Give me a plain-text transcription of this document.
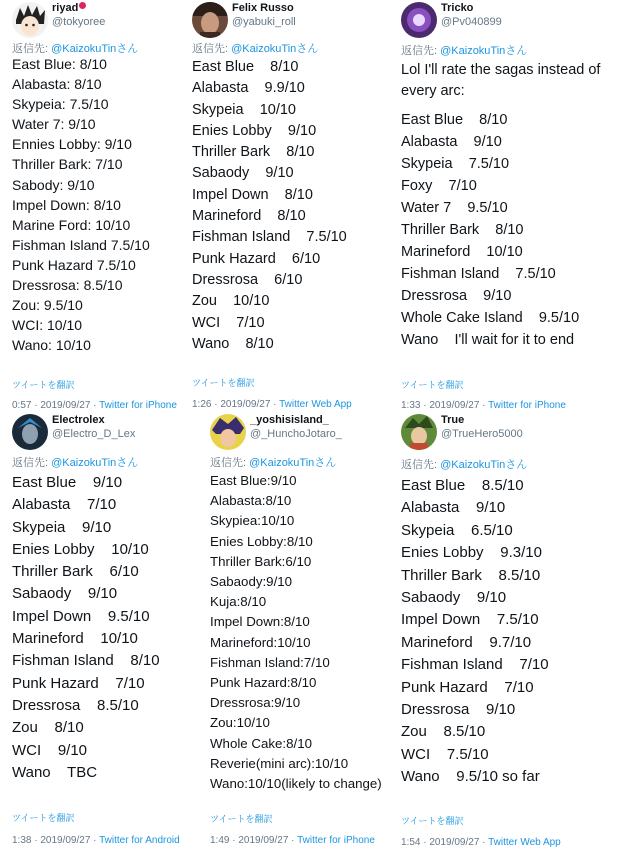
riyad
@tokyoree
返信先: @KaizokuTinさん
East Blue: 8/10
Alabasta: 8/10
Skypeia: 7.5/10
Water 7: 9/10
Ennies Lobby: 9/10
Thriller Bark: 7/10
Sabody: 9/10
Impel Down: 8/10
Marine Ford: 10/10
Fishman Island 7.5/10
Punk Hazard 7.5/10
Dressrosa: 8.5/10
Zou: 9.5/10
WCI: 10/10
Wano: 10/10
ツイートを翻訳
0:57 · 2019/09/27 · Twitter for iPhone
Felix Russo
@yabuki_roll
返信先: @KaizokuTinさん
East Blue    8/10
Alabasta    9.9/10
Skypeia    10/10
Enies Lobby    9/10
Thriller Bark    8/10
Sabaody    9/10
Impel Down    8/10
Marineford    8/10
Fishman Island    7.5/10
Punk Hazard    6/10
Dressrosa    6/10
Zou    10/10
WCI    7/10
Wano    8/10
ツイートを翻訳
1:26 · 2019/09/27 · Twitter Web App
Tricko
@Pv040899
返信先: @KaizokuTinさん
Lol I'll rate the sagas instead of every arc:
East Blue    8/10
Alabasta    9/10
Skypeia    7.5/10
Foxy    7/10
Water 7    9.5/10
Thriller Bark    8/10
Marineford    10/10
Fishman Island    7.5/10
Dressrosa    9/10
Whole Cake Island    9.5/10
Wano    I'll wait for it to end
ツイートを翻訳
1:33 · 2019/09/27 · Twitter for iPhone
Electrolex
@Electro_D_Lex
返信先: @KaizokuTinさん
East Blue    9/10
Alabasta    7/10
Skypeia    9/10
Enies Lobby    10/10
Thriller Bark    6/10
Sabaody    9/10
Impel Down    9.5/10
Marineford    10/10
Fishman Island    8/10
Punk Hazard    7/10
Dressrosa    8.5/10
Zou    8/10
WCI    9/10
Wano    TBC
ツイートを翻訳
1:38 · 2019/09/27 · Twitter for Android
_yoshisisland_
@_HunchoJotaro_
返信先: @KaizokuTinさん
East Blue:9/10
Alabasta:8/10
Skypiea:10/10
Enies Lobby:8/10
Thriller Bark:6/10
Sabaody:9/10
Kuja:8/10
Impel Down:8/10
Marineford:10/10
Fishman Island:7/10
Punk Hazard:8/10
Dressrosa:9/10
Zou:10/10
Whole Cake:8/10
Reverie(mini arc):10/10
Wano:10/10(likely to change)
ツイートを翻訳
1:49 · 2019/09/27 · Twitter for iPhone
True
@TrueHero5000
返信先: @KaizokuTinさん
East Blue    8.5/10
Alabasta    9/10
Skypeia    6.5/10
Enies Lobby    9.3/10
Thriller Bark    8.5/10
Sabaody    9/10
Impel Down    7.5/10
Marineford    9.7/10
Fishman Island    7/10
Punk Hazard    7/10
Dressrosa    9/10
Zou    8.5/10
WCI    7.5/10
Wano    9.5/10 so far
ツイートを翻訳
1:54 · 2019/09/27 · Twitter Web App
